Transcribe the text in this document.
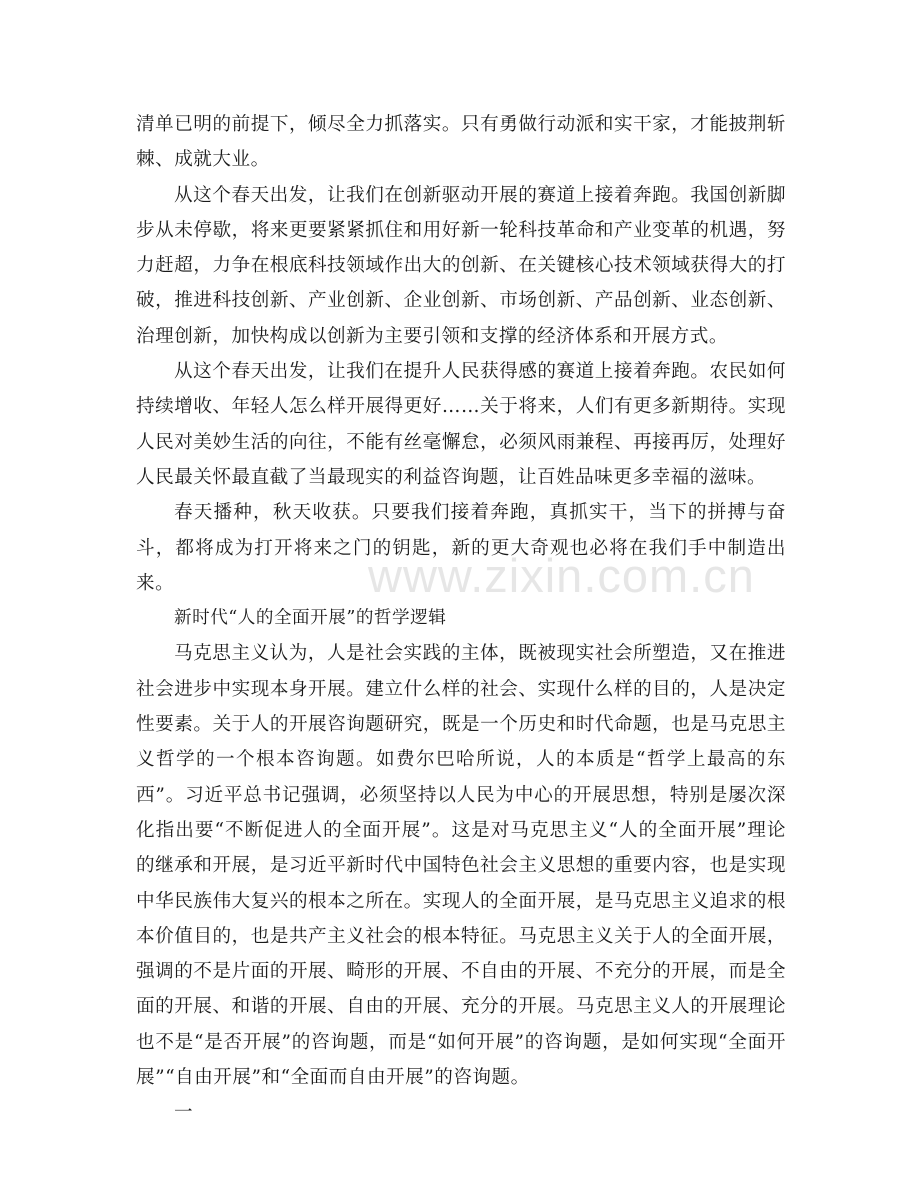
清单已明的前提下，倾尽全力抓落实。只有勇做行动派和实干家，才能披荆斩棘、成就大业。

从这个春天出发，让我们在创新驱动开展的赛道上接着奔跑。我国创新脚步从未停歇，将来更要紧紧抓住和用好新一轮科技革命和产业变革的机遇，努力赶超，力争在根底科技领域作出大的创新、在关键核心技术领域获得大的打破，推进科技创新、产业创新、企业创新、市场创新、产品创新、业态创新、治理创新，加快构成以创新为主要引领和支撑的经济体系和开展方式。

从这个春天出发，让我们在提升人民获得感的赛道上接着奔跑。农民如何持续增收、年轻人怎么样开展得更好……关于将来，人们有更多新期待。实现人民对美妙生活的向往，不能有丝毫懈怠，必须风雨兼程、再接再厉，处理好人民最关怀最直截了当最现实的利益咨询题，让百姓品味更多幸福的滋味。

春天播种，秋天收获。只要我们接着奔跑，真抓实干，当下的拼搏与奋斗，都将成为打开将来之门的钥匙，新的更大奇观也必将在我们手中制造出来。

新时代“人的全面开展”的哲学逻辑

马克思主义认为，人是社会实践的主体，既被现实社会所塑造，又在推进社会进步中实现本身开展。建立什么样的社会、实现什么样的目的，人是决定性要素。关于人的开展咨询题研究，既是一个历史和时代命题，也是马克思主义哲学的一个根本咨询题。如费尔巴哈所说，人的本质是“哲学上最高的东西”。习近平总书记强调，必须坚持以人民为中心的开展思想，特别是屡次深化指出要“不断促进人的全面开展”。这是对马克思主义“人的全面开展”理论的继承和开展，是习近平新时代中国特色社会主义思想的重要内容，也是实现中华民族伟大复兴的根本之所在。实现人的全面开展，是马克思主义追求的根本价值目的，也是共产主义社会的根本特征。马克思主义关于人的全面开展，强调的不是片面的开展、畸形的开展、不自由的开展、不充分的开展，而是全面的开展、和谐的开展、自由的开展、充分的开展。马克思主义人的开展理论也不是“是否开展”的咨询题，而是“如何开展”的咨询题，是如何实现“全面开展”“自由开展”和“全面而自由开展”的咨询题。

一

www.zixin.com.cn
